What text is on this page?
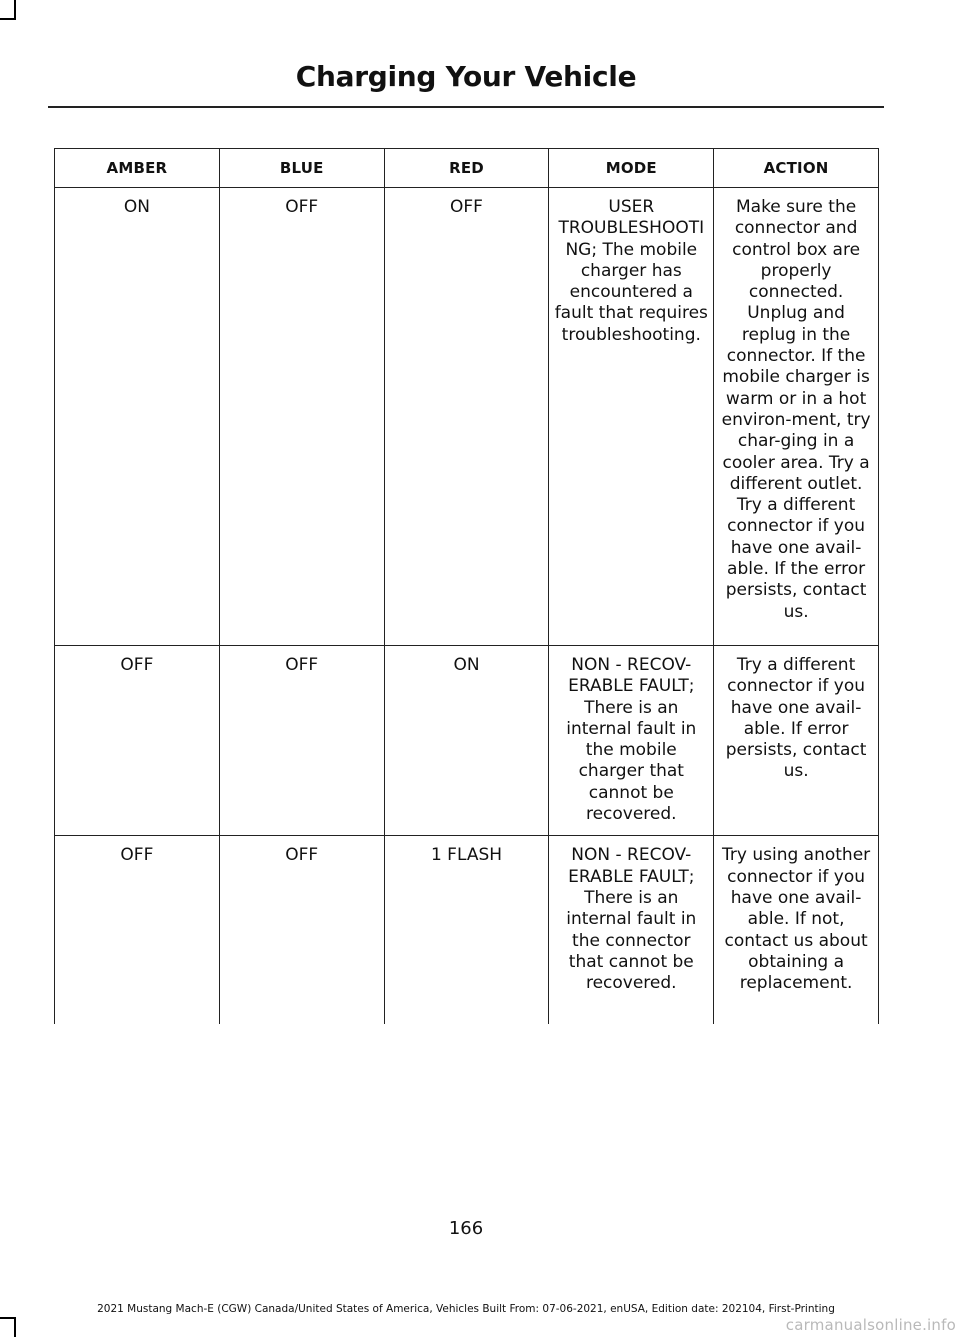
Charging Your Vehicle
AMBER	BLUE	RED	MODE	ACTION
ON	OFF	OFF	USER TROUBLESHOOTING; The mobile charger has encountered a fault that requires troubleshooting.	Make sure the connector and control box are properly connected. Unplug and replug in the connector. If the mobile charger is warm or in a hot environ-ment, try char-ging in a cooler area. Try a different outlet. Try a different connector if you have one avail-able. If the error persists, contact us.
OFF	OFF	ON	NON - RECOV-ERABLE FAULT; There is an internal fault in the mobile charger that cannot be recovered.	Try a different connector if you have one avail-able. If error persists, contact us.
OFF	OFF	1 FLASH	NON - RECOV-ERABLE FAULT; There is an internal fault in the connector that cannot be recovered.	Try using another connector if you have one avail-able. If not, contact us about obtaining a replacement.
166
2021 Mustang Mach-E (CGW) Canada/United States of America, Vehicles Built From: 07-06-2021, enUSA, Edition date: 202104, First-Printing
carmanualsonline.info
